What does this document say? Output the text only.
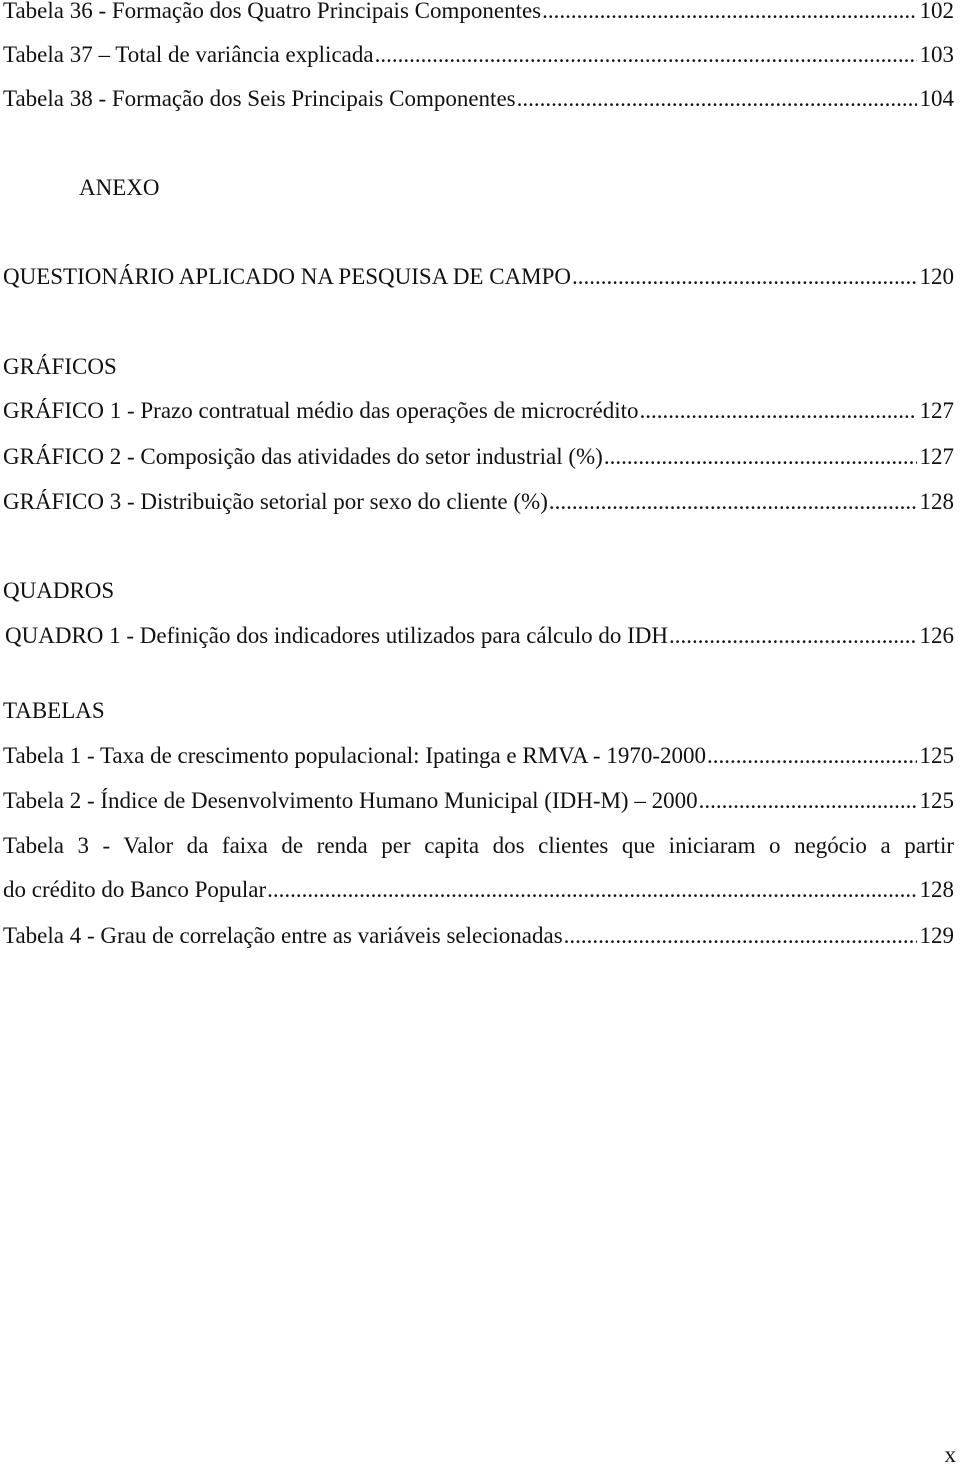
Tabela 36 - Formação dos Quatro Principais Componentes .....	102
Tabela 37 – Total de variância explicada .....	103
Tabela 38 - Formação dos Seis Principais Componentes .....	104
ANEXO
QUESTIONÁRIO APLICADO NA PESQUISA DE CAMPO .....	120
GRÁFICOS
GRÁFICO 1 - Prazo contratual médio das operações de microcrédito .....	127
GRÁFICO 2 - Composição das atividades do setor industrial (%) .....	127
GRÁFICO 3 - Distribuição setorial por sexo do cliente (%) .....	128
QUADROS
QUADRO 1 - Definição dos indicadores utilizados para cálculo do IDH .....	126
TABELAS
Tabela 1 - Taxa de crescimento populacional: Ipatinga e RMVA - 1970-2000 .....	125
Tabela 2 - Índice de Desenvolvimento Humano Municipal (IDH-M) – 2000 .....	125
Tabela 3 - Valor da faixa de renda per capita dos clientes que iniciaram o negócio a partir
do crédito do Banco Popular .....	128
Tabela 4 - Grau de correlação entre as variáveis selecionadas .....	129
x
